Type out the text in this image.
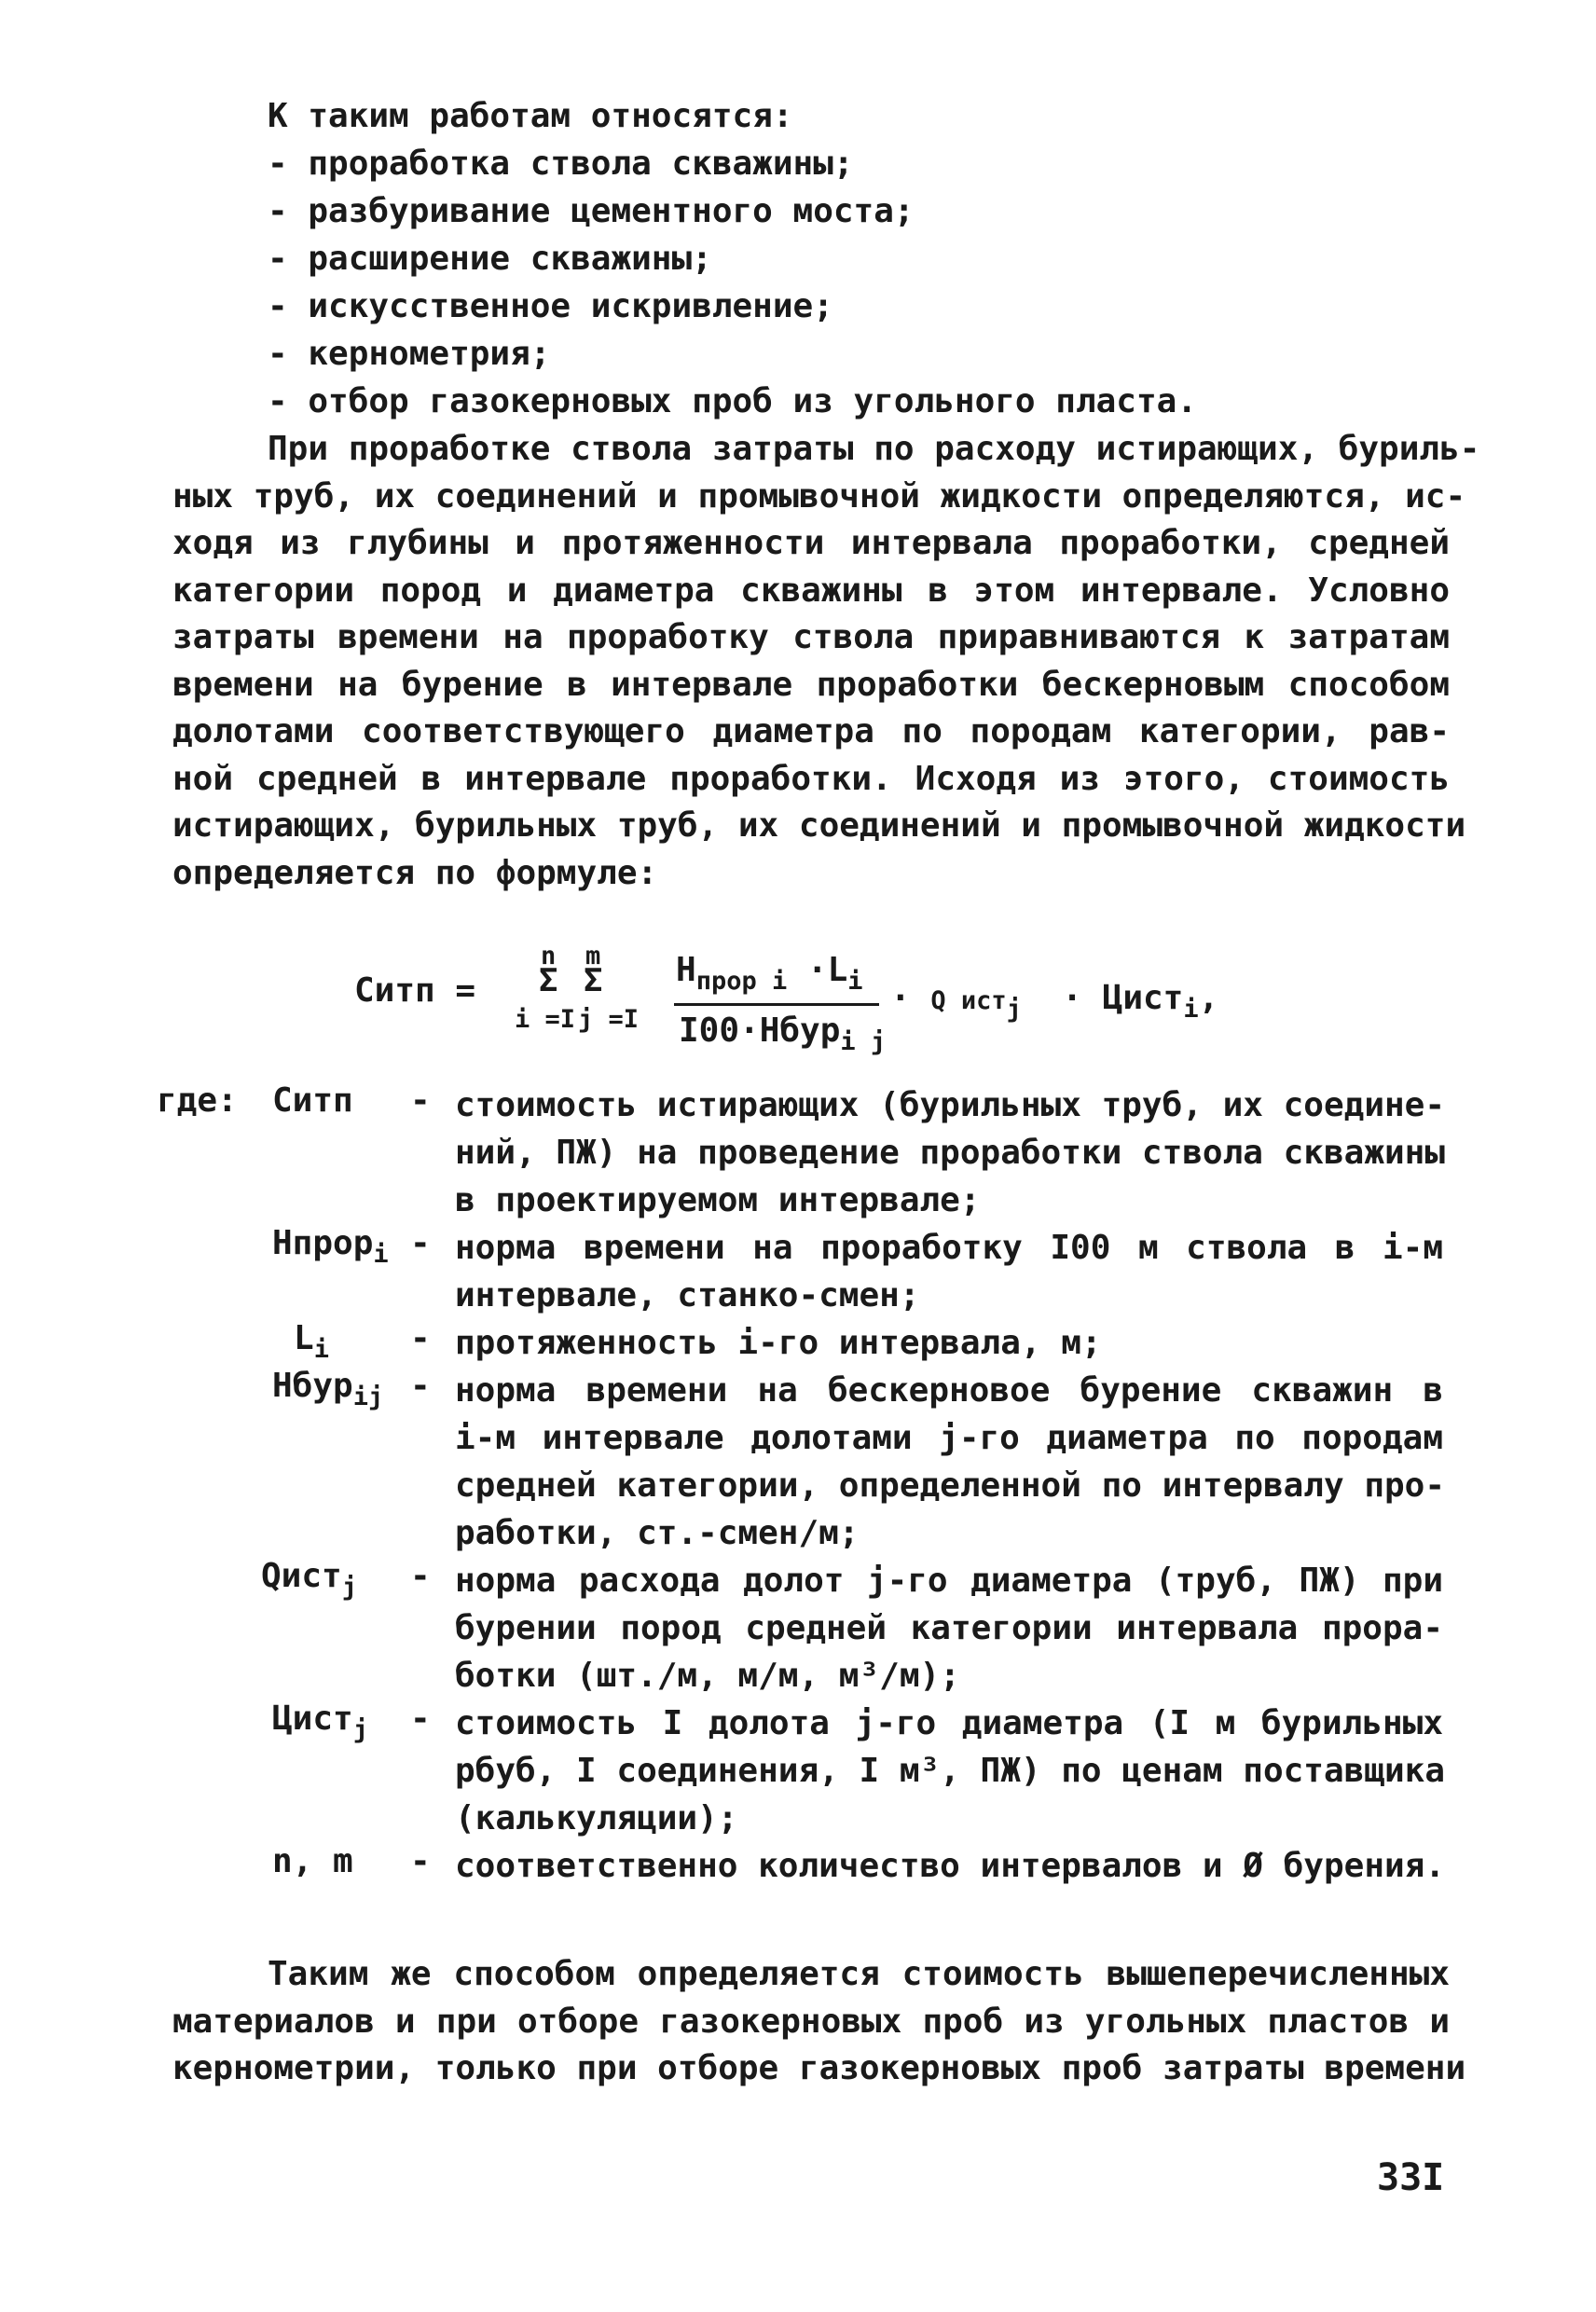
К таким работам относятся:
- проработка ствола скважины;
- разбуривание цементного моста;
- расширение скважины;
- искусственное искривление;
- кернометрия;
- отбор газокерновых проб из угольного пласта.
При проработке ствола затраты по расходу истирающих, буриль-
ных труб, их соединений и промывочной жидкости определяются, ис-
ходя из глубины и протяженности интервала проработки, средней
категории пород и диаметра скважины в этом интервале. Условно
затраты времени на проработку ствола приравниваются к затратам
времени на бурение в интервале проработки бескерновым способом
долотами соответствующего диаметра по породам категории, рав-
ной средней в интервале проработки. Исходя из этого, стоимость
истирающих, бурильных труб, их соединений и промывочной жидкости
определяется по формуле:
Ситп =
n
Σ
i =I
m
Σ
j =I
$H_{прор i} \cdot L_i$
I00·Hбур$_{i j}$
· Q ист$_j$ · Цист$_i$,
где: Ситп - стоимость истирающих (бурильных труб, их соедине-
ний, ПЖ) на проведение проработки ствола скважины
в проектируемом интервале;
Нпрор$_i$ - норма времени на проработку I00 м ствола в i-м
интервале, станко-смен;
$L_i$ - протяженность i-го интервала, м;
Нбур$_{ij}$ - норма времени на бескерновое бурение скважин в
i-м интервале долотами j-го диаметра по породам
средней категории, определенной по интервалу про-
работки, ст.-смен/м;
Qист$_j$ - норма расхода долот j-го диаметра (труб, ПЖ) при
бурении пород средней категории интервала прора-
ботки (шт./м, м/м, м³/м);
Цист$_j$ - стоимость I долота j-го диаметра (I м бурильных
рбуб, I соединения, I м³, ПЖ) по ценам поставщика
(калькуляции);
n, m - соответственно количество интервалов и Ø бурения.
Таким же способом определяется стоимость вышеперечисленных
материалов и при отборе газокерновых проб из угольных пластов и
кернометрии, только при отборе газокерновых проб затраты времени
33I
